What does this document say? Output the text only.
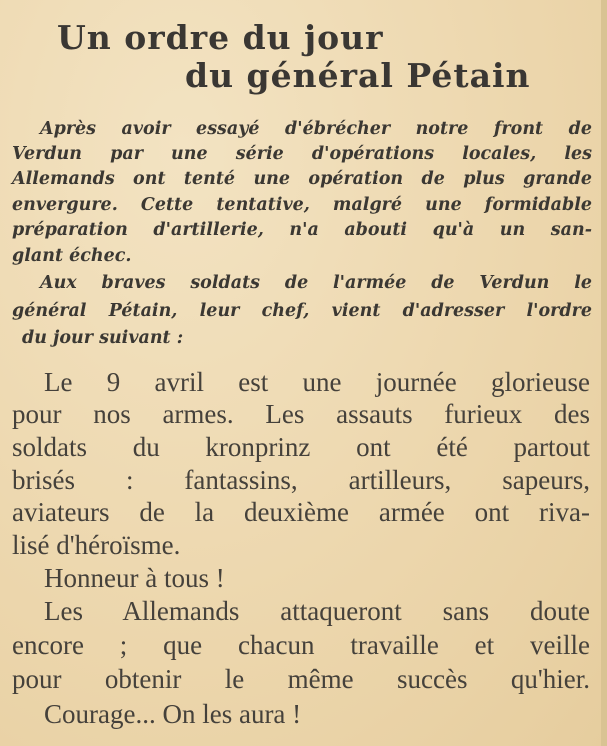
Un ordre du jour
du général Pétain
Après avoir essayé d'ébrécher notre front de
Verdun par une série d'opérations locales, les
Allemands ont tenté une opération de plus grande
envergure. Cette tentative, malgré une formidable
préparation d'artillerie, n'a abouti qu'à un san-
glant échec.
Aux braves soldats de l'armée de Verdun le
général Pétain, leur chef, vient d'adresser l'ordre
du jour suivant :
Le 9 avril est une journée glorieuse
pour nos armes. Les assauts furieux des
soldats du kronprinz ont été partout
brisés : fantassins, artilleurs, sapeurs,
aviateurs de la deuxième armée ont riva-
lisé d'héroïsme.
Honneur à tous !
Les Allemands attaqueront sans doute
encore ; que chacun travaille et veille
pour obtenir le même succès qu'hier.
Courage... On les aura !
